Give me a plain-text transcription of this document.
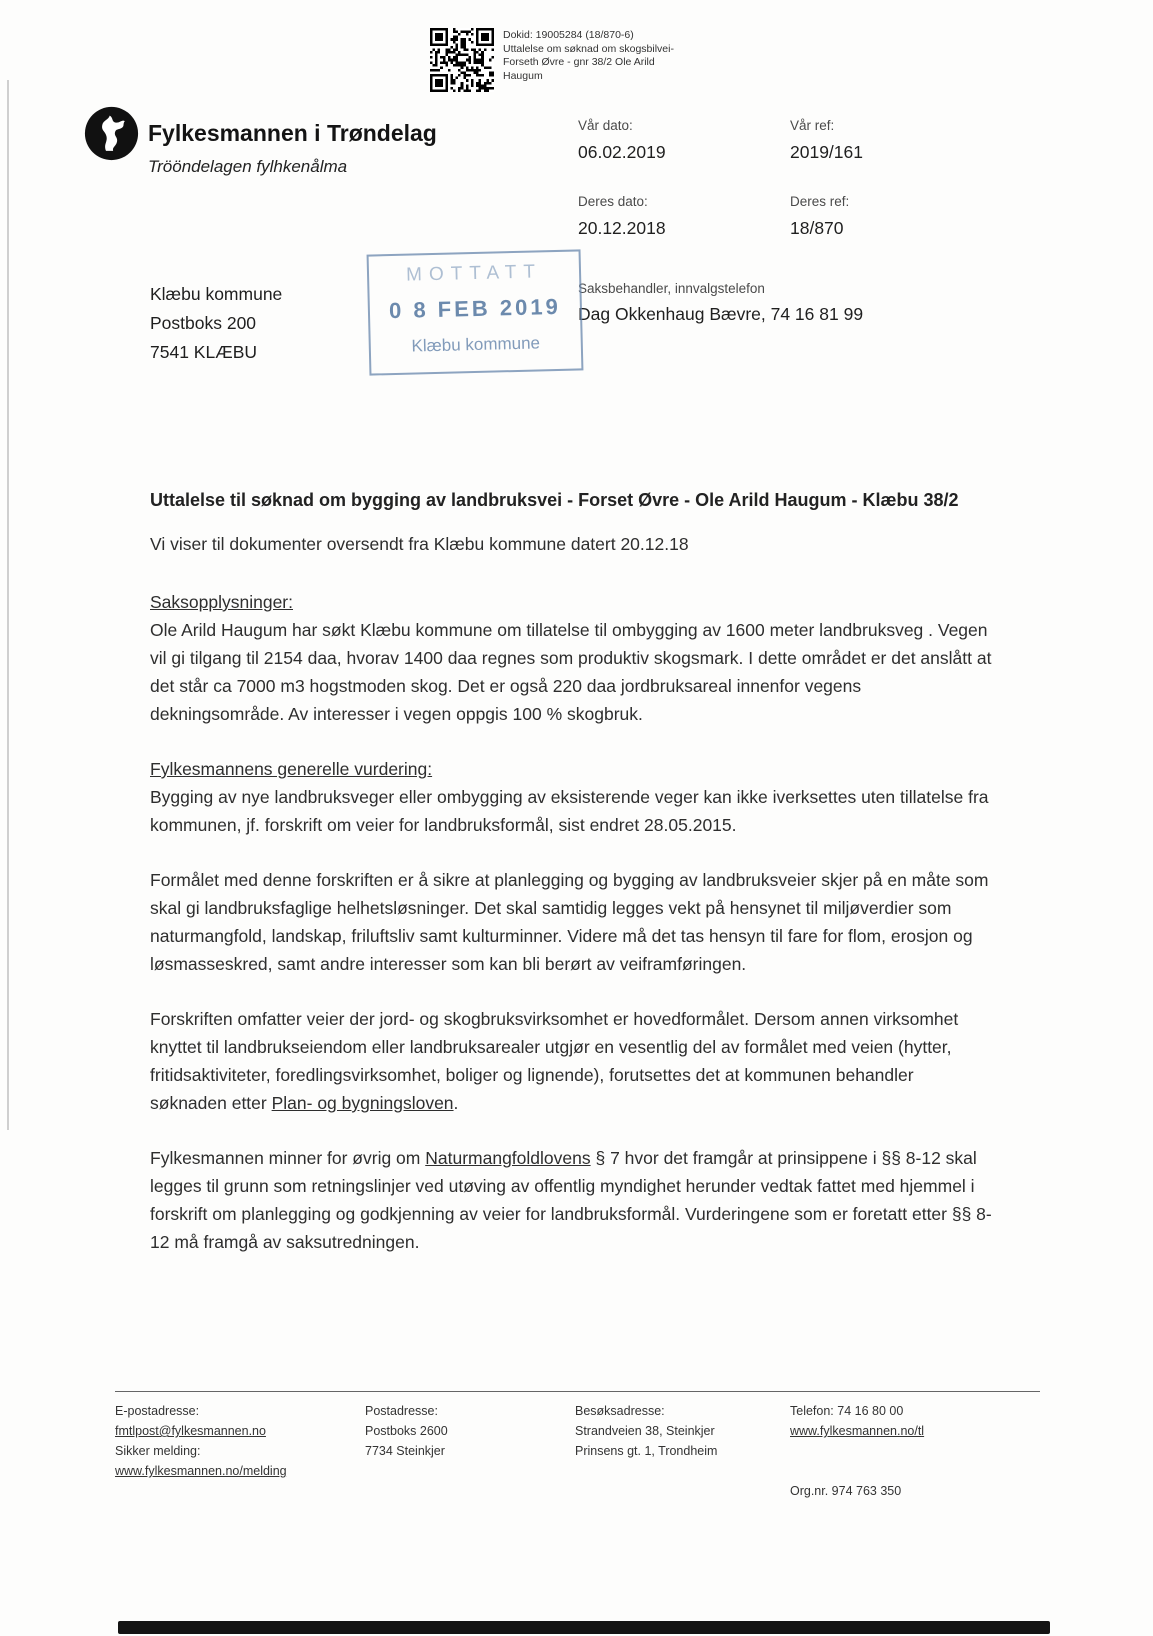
Dokid: 19005284 (18/870-6)
Uttalelse om søknad om skogsbilvei-
Forseth Øvre - gnr 38/2 Ole Arild
Haugum
Fylkesmannen i Trøndelag
Trööndelagen fylhkenålma
Vår dato:
06.02.2019
Deres dato:
20.12.2018
Vår ref:
2019/161
Deres ref:
18/870
Klæbu kommune
Postboks 200
7541 KLÆBU
MOTTATT
0 8 FEB 2019
Klæbu kommune
Saksbehandler, innvalgstelefon
Dag Okkenhaug Bævre, 74 16 81 99
Uttalelse til søknad om bygging av landbruksvei - Forset Øvre - Ole Arild Haugum - Klæbu 38/2
Vi viser til dokumenter oversendt fra Klæbu kommune datert 20.12.18
Saksopplysninger:
Ole Arild Haugum har søkt Klæbu kommune om tillatelse til ombygging av 1600 meter landbruksveg . Vegen vil gi tilgang til 2154 daa, hvorav 1400 daa regnes som produktiv skogsmark. I dette området er det anslått at det står ca 7000 m3 hogstmoden skog. Det er også 220 daa jordbruksareal innenfor vegens dekningsområde. Av interesser i vegen oppgis 100 % skogbruk.
Fylkesmannens generelle vurdering:
Bygging av nye landbruksveger eller ombygging av eksisterende veger kan ikke iverksettes uten tillatelse fra kommunen, jf. forskrift om veier for landbruksformål, sist endret 28.05.2015.
Formålet med denne forskriften er å sikre at planlegging og bygging av landbruksveier skjer på en måte som skal gi landbruksfaglige helhetsløsninger. Det skal samtidig legges vekt på hensynet til miljøverdier som naturmangfold, landskap, friluftsliv samt kulturminner. Videre må det tas hensyn til fare for flom, erosjon og løsmasseskred, samt andre interesser som kan bli berørt av veiframføringen.
Forskriften omfatter veier der jord- og skogbruksvirksomhet er hovedformålet. Dersom annen virksomhet knyttet til landbrukseiendom eller landbruksarealer utgjør en vesentlig del av formålet med veien (hytter, fritidsaktiviteter, foredlingsvirksomhet, boliger og lignende), forutsettes det at kommunen behandler søknaden etter Plan- og bygningsloven.
Fylkesmannen minner for øvrig om Naturmangfoldlovens § 7 hvor det framgår at prinsippene i §§ 8-12 skal legges til grunn som retningslinjer ved utøving av offentlig myndighet herunder vedtak fattet med hjemmel i forskrift om planlegging og godkjenning av veier for landbruksformål. Vurderingene som er foretatt etter §§ 8-12 må framgå av saksutredningen.
E-postadresse:
fmtlpost@fylkesmannen.no
Sikker melding:
www.fylkesmannen.no/melding
Postadresse:
Postboks 2600
7734 Steinkjer
Besøksadresse:
Strandveien 38, Steinkjer
Prinsens gt. 1, Trondheim
Telefon: 74 16 80 00
www.fylkesmannen.no/tl

Org.nr. 974 763 350
